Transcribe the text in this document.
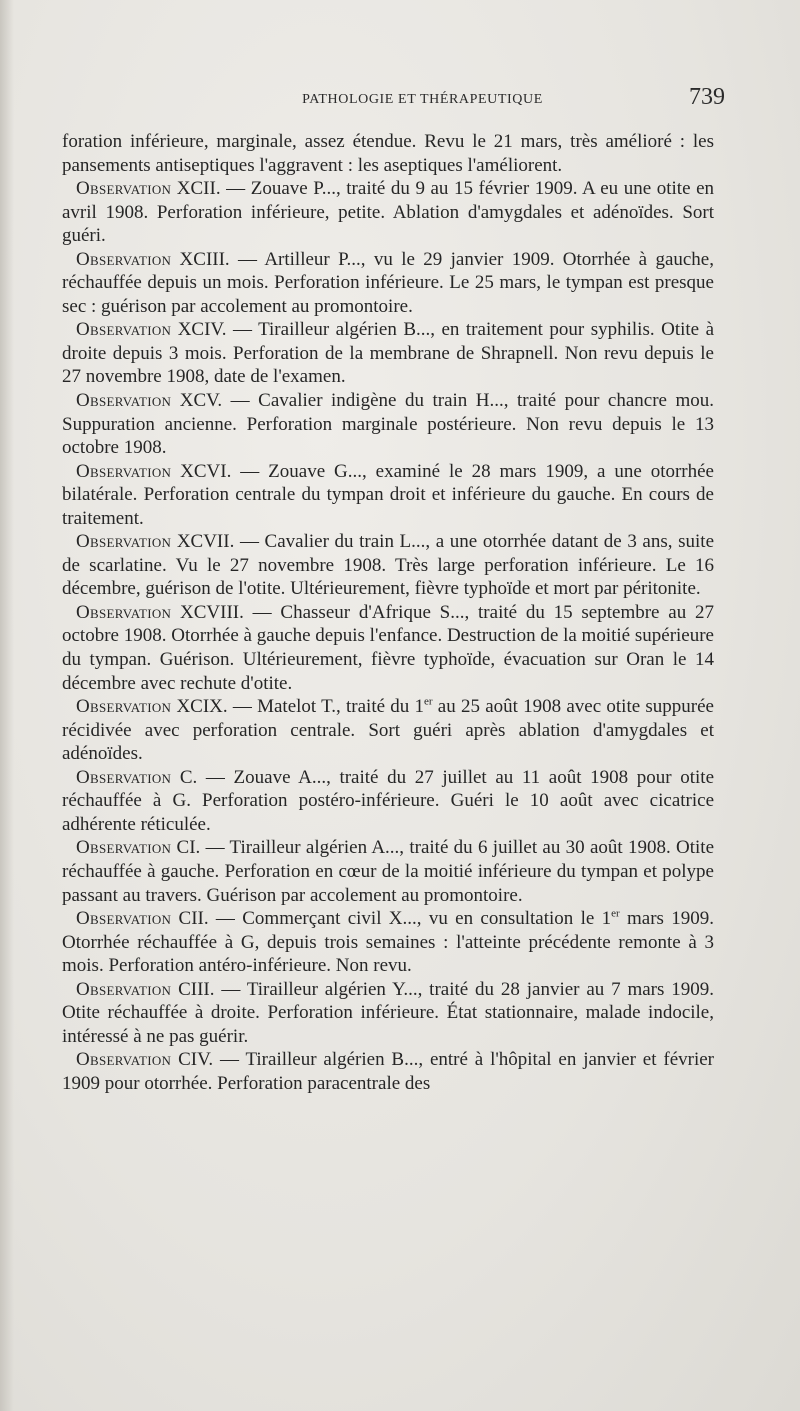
PATHOLOGIE ET THÉRAPEUTIQUE	739

foration inférieure, marginale, assez étendue. Revu le 21 mars, très amélioré : les pansements antiseptiques l'aggravent : les aseptiques l'améliorent.

Observation XCII. — Zouave P..., traité du 9 au 15 février 1909. A eu une otite en avril 1908. Perforation inférieure, petite. Ablation d'amygdales et adénoïdes. Sort guéri.

Observation XCIII. — Artilleur P..., vu le 29 janvier 1909. Otorrhée à gauche, réchauffée depuis un mois. Perforation inférieure. Le 25 mars, le tympan est presque sec : guérison par accolement au promontoire.

Observation XCIV. — Tirailleur algérien B..., en traitement pour syphilis. Otite à droite depuis 3 mois. Perforation de la membrane de Shrapnell. Non revu depuis le 27 novembre 1908, date de l'examen.

Observation XCV. — Cavalier indigène du train H..., traité pour chancre mou. Suppuration ancienne. Perforation marginale postérieure. Non revu depuis le 13 octobre 1908.

Observation XCVI. — Zouave G..., examiné le 28 mars 1909, a une otorrhée bilatérale. Perforation centrale du tympan droit et inférieure du gauche. En cours de traitement.

Observation XCVII. — Cavalier du train L..., a une otorrhée datant de 3 ans, suite de scarlatine. Vu le 27 novembre 1908. Très large perforation inférieure. Le 16 décembre, guérison de l'otite. Ultérieurement, fièvre typhoïde et mort par péritonite.

Observation XCVIII. — Chasseur d'Afrique S..., traité du 15 septembre au 27 octobre 1908. Otorrhée à gauche depuis l'enfance. Destruction de la moitié supérieure du tympan. Guérison. Ultérieurement, fièvre typhoïde, évacuation sur Oran le 14 décembre avec rechute d'otite.

Observation XCIX. — Matelot T., traité du 1er au 25 août 1908 avec otite suppurée récidivée avec perforation centrale. Sort guéri après ablation d'amygdales et adénoïdes.

Observation C. — Zouave A..., traité du 27 juillet au 11 août 1908 pour otite réchauffée à G. Perforation postéro-inférieure. Guéri le 10 août avec cicatrice adhérente réticulée.

Observation CI. — Tirailleur algérien A..., traité du 6 juillet au 30 août 1908. Otite réchauffée à gauche. Perforation en cœur de la moitié inférieure du tympan et polype passant au travers. Guérison par accolement au promontoire.

Observation CII. — Commerçant civil X..., vu en consultation le 1er mars 1909. Otorrhée réchauffée à G, depuis trois semaines : l'atteinte précédente remonte à 3 mois. Perforation antéro-inférieure. Non revu.

Observation CIII. — Tirailleur algérien Y..., traité du 28 janvier au 7 mars 1909. Otite réchauffée à droite. Perforation inférieure. État stationnaire, malade indocile, intéressé à ne pas guérir.

Observation CIV. — Tirailleur algérien B..., entré à l'hôpital en janvier et février 1909 pour otorrhée. Perforation paracentrale des
